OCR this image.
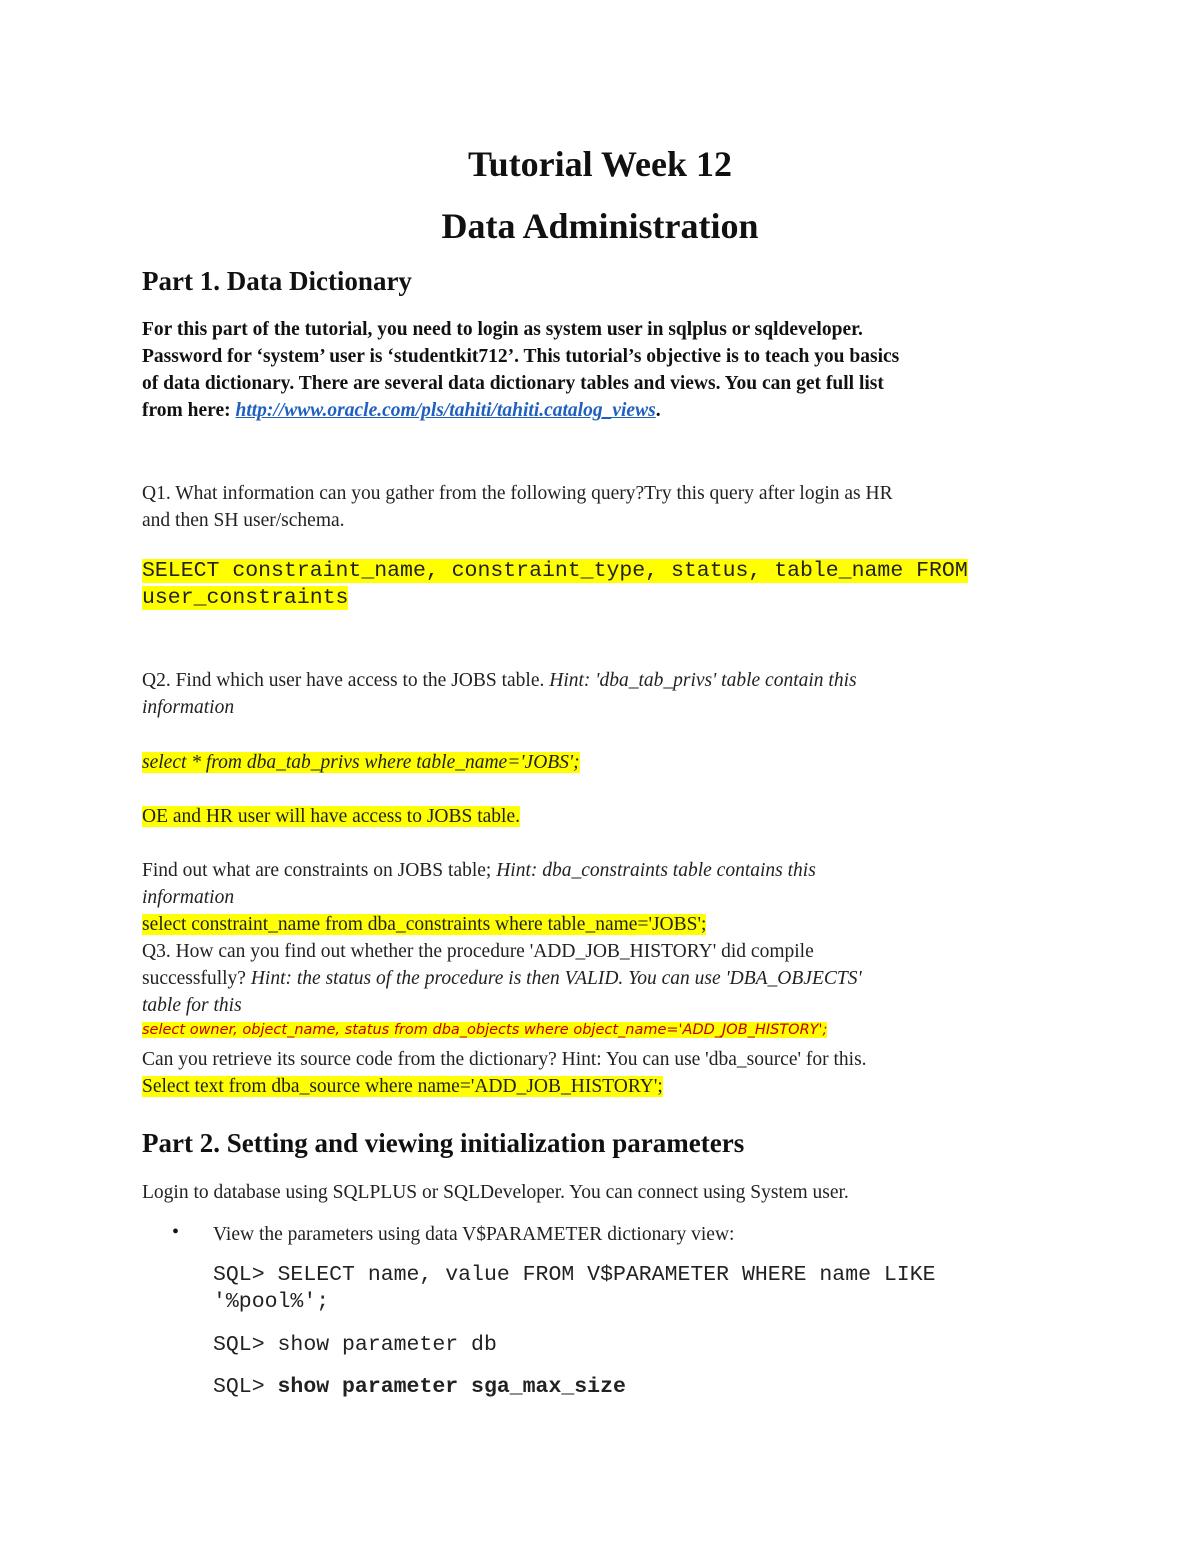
Tutorial Week 12
Data Administration
Part 1. Data Dictionary
For this part of the tutorial, you need to login as system user in sqlplus or sqldeveloper.
Password for ‘system’ user is ‘studentkit712’. This tutorial’s objective is to teach you basics
of data dictionary. There are several data dictionary tables and views. You can get full list
from here: http://www.oracle.com/pls/tahiti/tahiti.catalog_views.
Q1. What information can you gather from the following query?Try this query after login as HR
and then SH user/schema.
SELECT constraint_name, constraint_type, status, table_name FROM
user_constraints
Q2. Find which user have access to the JOBS table. Hint: 'dba_tab_privs' table contain this
information
select * from dba_tab_privs where table_name='JOBS';
OE and HR user will have access to JOBS table.
Find out what are constraints on JOBS table; Hint: dba_constraints table contains this
information
select constraint_name from dba_constraints where table_name='JOBS';
Q3. How can you find out whether the procedure 'ADD_JOB_HISTORY' did compile
successfully? Hint: the status of the procedure is then VALID. You can use 'DBA_OBJECTS'
table for this
select owner, object_name, status from dba_objects where object_name='ADD_JOB_HISTORY';
Can you retrieve its source code from the dictionary? Hint: You can use 'dba_source' for this.
Select text from dba_source where name='ADD_JOB_HISTORY';
Part 2. Setting and viewing initialization parameters
Login to database using SQLPLUS or SQLDeveloper. You can connect using System user.
• View the parameters using data V$PARAMETER dictionary view:
SQL> SELECT name, value FROM V$PARAMETER WHERE name LIKE
'%pool%';
SQL> show parameter db
SQL> show parameter sga_max_size
